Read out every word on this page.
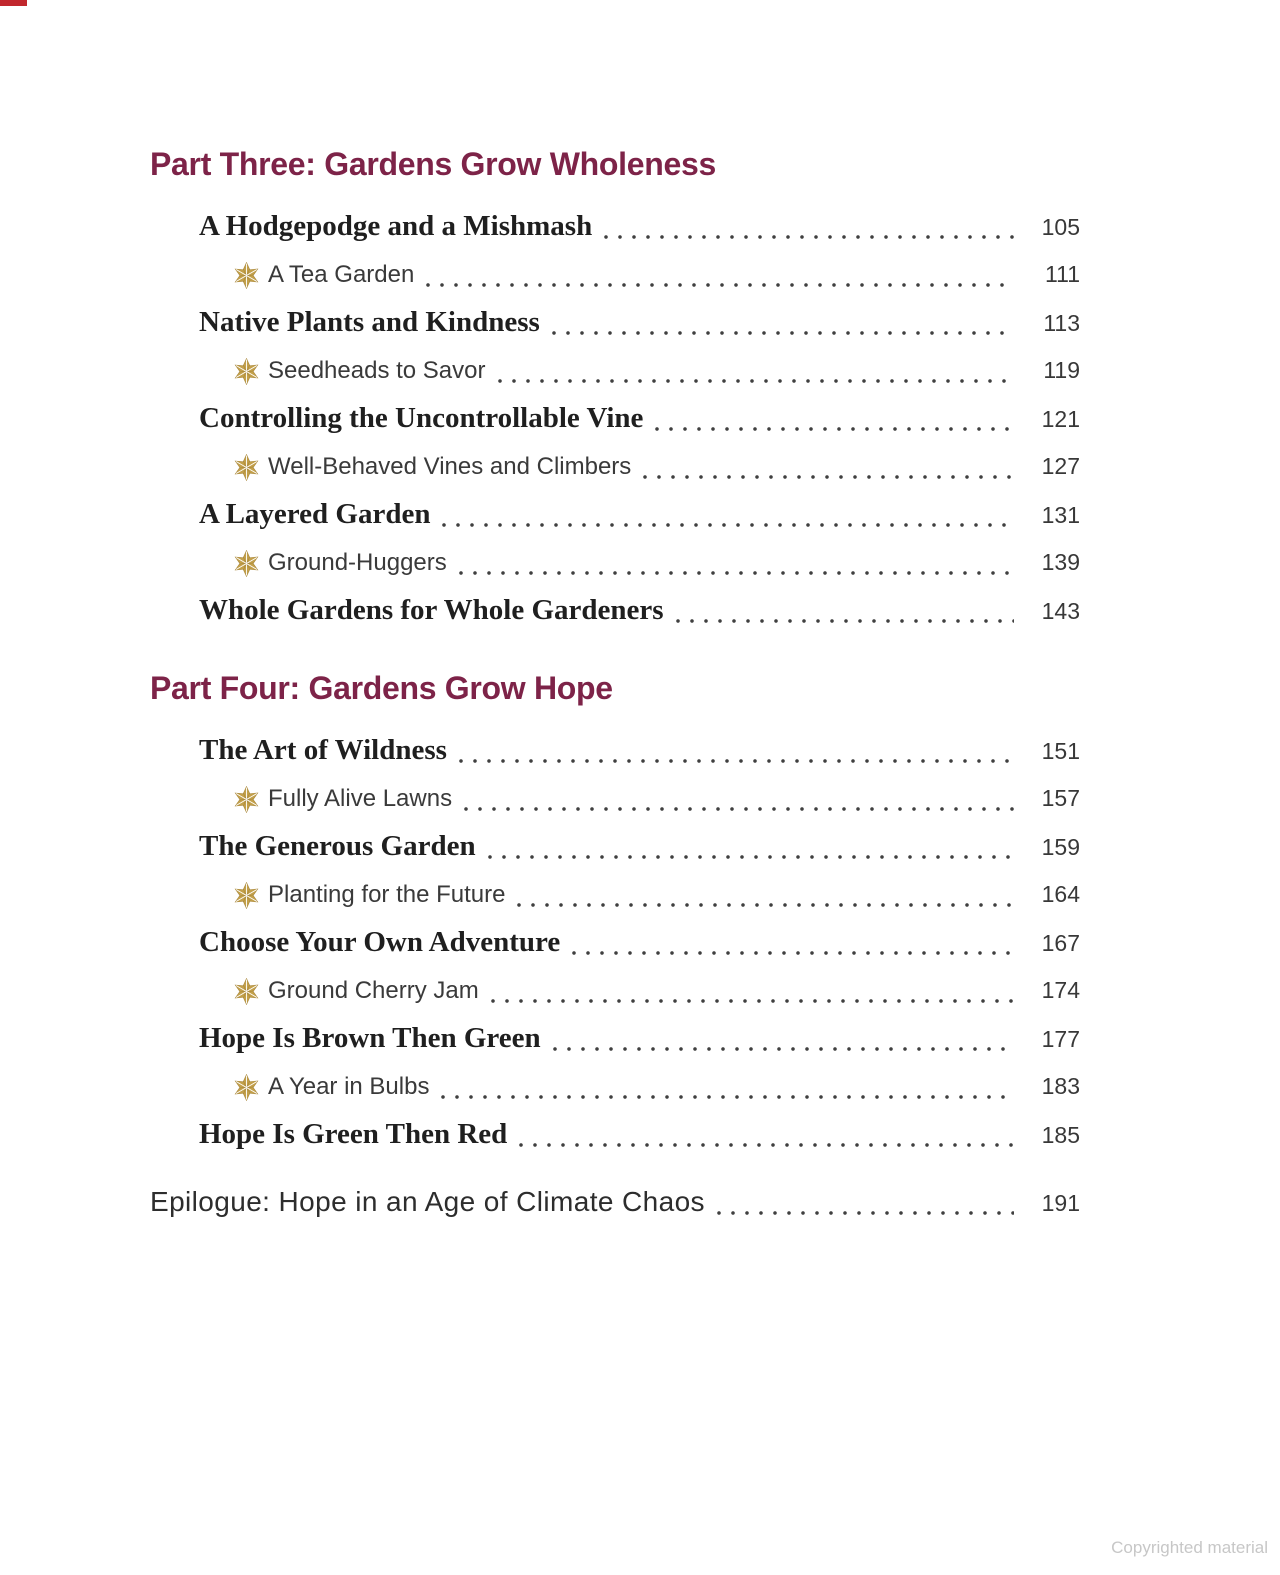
Part Three: Gardens Grow Wholeness
A Hodgepodge and a Mishmash	105
A Tea Garden	111
Native Plants and Kindness	113
Seedheads to Savor	119
Controlling the Uncontrollable Vine	121
Well-Behaved Vines and Climbers	127
A Layered Garden	131
Ground-Huggers	139
Whole Gardens for Whole Gardeners	143
Part Four: Gardens Grow Hope
The Art of Wildness	151
Fully Alive Lawns	157
The Generous Garden	159
Planting for the Future	164
Choose Your Own Adventure	167
Ground Cherry Jam	174
Hope Is Brown Then Green	177
A Year in Bulbs	183
Hope Is Green Then Red	185
Epilogue: Hope in an Age of Climate Chaos	191
Copyrighted material
